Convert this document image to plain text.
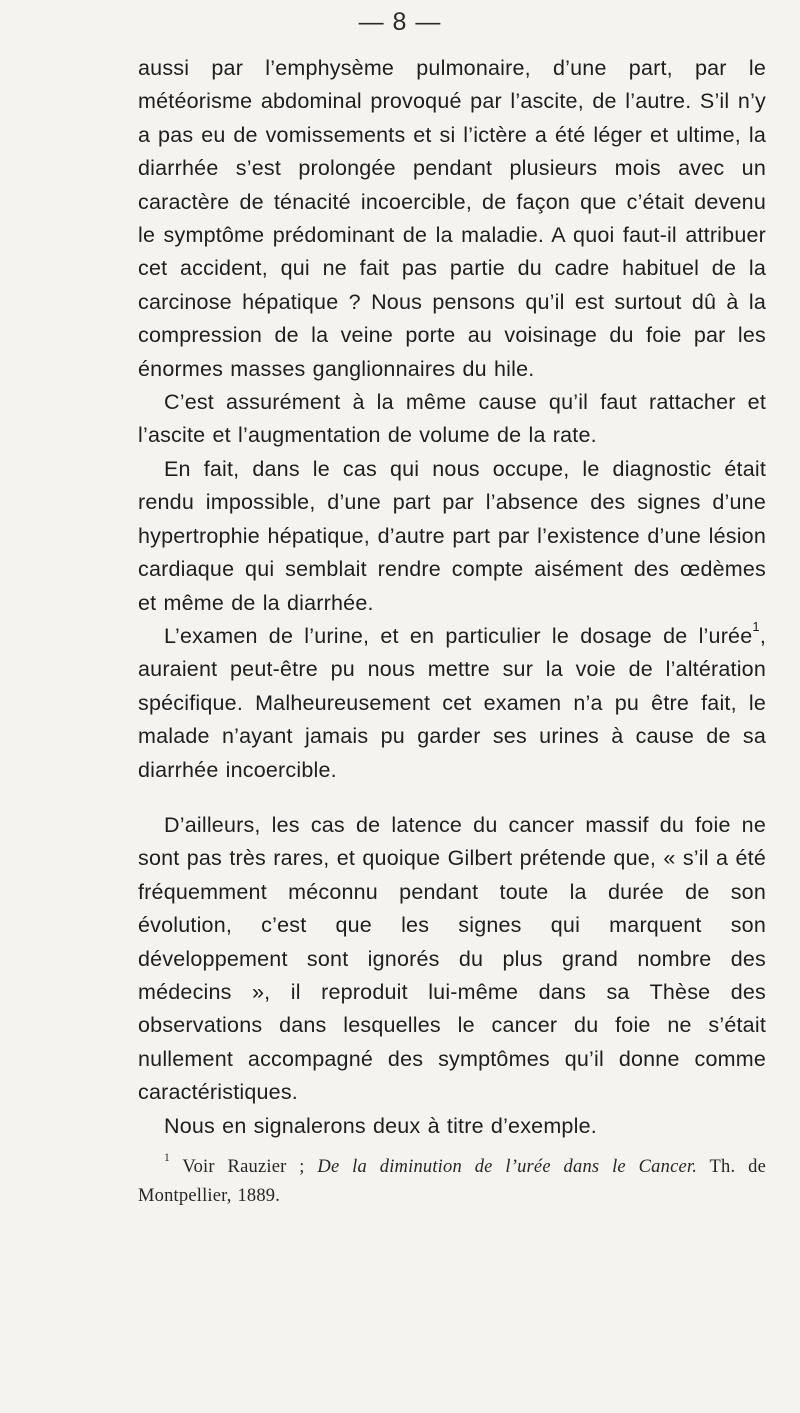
— 8 —

aussi par l’emphysème pulmonaire, d’une part, par le météorisme abdominal provoqué par l’ascite, de l’autre. S’il n’y a pas eu de vomissements et si l’ictère a été léger et ultime, la diarrhée s’est prolongée pendant plusieurs mois avec un caractère de ténacité incoercible, de façon que c’était devenu le symptôme prédominant de la maladie. A quoi faut-il attribuer cet accident, qui ne fait pas partie du cadre habituel de la carcinose hépatique ? Nous pensons qu’il est surtout dû à la compression de la veine porte au voisinage du foie par les énormes masses ganglionnaires du hile.

C’est assurément à la même cause qu’il faut rattacher et l’ascite et l’augmentation de volume de la rate.

En fait, dans le cas qui nous occupe, le diagnostic était rendu impossible, d’une part par l’absence des signes d’une hypertrophie hépatique, d’autre part par l’existence d’une lésion cardiaque qui semblait rendre compte aisément des œdèmes et même de la diarrhée.

L’examen de l’urine, et en particulier le dosage de l’urée$^1$, auraient peut-être pu nous mettre sur la voie de l’altération spécifique. Malheureusement cet examen n’a pu être fait, le malade n’ayant jamais pu garder ses urines à cause de sa diarrhée incoercible.

D’ailleurs, les cas de latence du cancer massif du foie ne sont pas très rares, et quoique Gilbert prétende que, « s’il a été fréquemment méconnu pendant toute la durée de son évolution, c’est que les signes qui marquent son développement sont ignorés du plus grand nombre des médecins », il reproduit lui-même dans sa Thèse des observations dans lesquelles le cancer du foie ne s’était nullement accompagné des symptômes qu’il donne comme caractéristiques.

Nous en signalerons deux à titre d’exemple.

$^1$ Voir Rauzier ; De la diminution de l’urée dans le Cancer. Th. de Montpellier, 1889.
